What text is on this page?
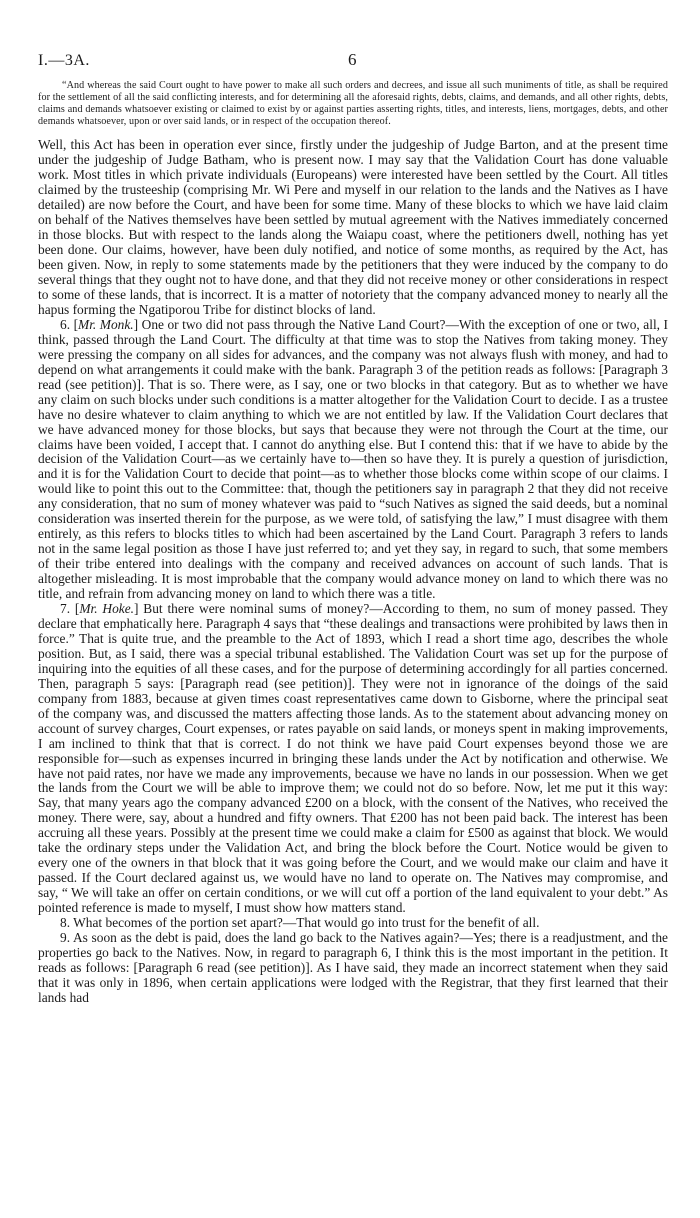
I.—3A.	6

“And whereas the said Court ought to have power to make all such orders and decrees, and issue all such muniments of title, as shall be required for the settlement of all the said conflicting interests, and for determining all the aforesaid rights, debts, claims, and demands, and all other rights, debts, claims and demands whatsoever existing or claimed to exist by or against parties asserting rights, titles, and interests, liens, mortgages, debts, and other demands whatsoever, upon or over said lands, or in respect of the occupation thereof.

Well, this Act has been in operation ever since, firstly under the judgeship of Judge Barton, and at the present time under the judgeship of Judge Batham, who is present now. I may say that the Validation Court has done valuable work. Most titles in which private individuals (Europeans) were interested have been settled by the Court. All titles claimed by the trusteeship (comprising Mr. Wi Pere and myself in our relation to the lands and the Natives as I have detailed) are now before the Court, and have been for some time. Many of these blocks to which we have laid claim on behalf of the Natives themselves have been settled by mutual agreement with the Natives immediately concerned in those blocks. But with respect to the lands along the Waiapu coast, where the petitioners dwell, nothing has yet been done. Our claims, however, have been duly notified, and notice of some months, as required by the Act, has been given. Now, in reply to some statements made by the petitioners that they were induced by the company to do several things that they ought not to have done, and that they did not receive money or other considerations in respect to some of these lands, that is incorrect. It is a matter of notoriety that the company advanced money to nearly all the hapus forming the Ngatiporou Tribe for distinct blocks of land.

6. [Mr. Monk.] One or two did not pass through the Native Land Court?—With the exception of one or two, all, I think, passed through the Land Court. The difficulty at that time was to stop the Natives from taking money. They were pressing the company on all sides for advances, and the company was not always flush with money, and had to depend on what arrangements it could make with the bank. Paragraph 3 of the petition reads as follows: [Paragraph 3 read (see petition)]. That is so. There were, as I say, one or two blocks in that category. But as to whether we have any claim on such blocks under such conditions is a matter altogether for the Validation Court to decide. I as a trustee have no desire whatever to claim anything to which we are not entitled by law. If the Validation Court declares that we have advanced money for those blocks, but says that because they were not through the Court at the time, our claims have been voided, I accept that. I cannot do anything else. But I contend this: that if we have to abide by the decision of the Validation Court—as we certainly have to—then so have they. It is purely a question of jurisdiction, and it is for the Validation Court to decide that point—as to whether those blocks come within scope of our claims. I would like to point this out to the Committee: that, though the petitioners say in paragraph 2 that they did not receive any consideration, that no sum of money whatever was paid to “such Natives as signed the said deeds, but a nominal consideration was inserted therein for the purpose, as we were told, of satisfying the law,” I must disagree with them entirely, as this refers to blocks titles to which had been ascertained by the Land Court. Paragraph 3 refers to lands not in the same legal position as those I have just referred to; and yet they say, in regard to such, that some members of their tribe entered into dealings with the company and received advances on account of such lands. That is altogether misleading. It is most improbable that the company would advance money on land to which there was no title, and refrain from advancing money on land to which there was a title.

7. [Mr. Hoke.] But there were nominal sums of money?—According to them, no sum of money passed. They declare that emphatically here. Paragraph 4 says that “these dealings and transactions were prohibited by laws then in force.” That is quite true, and the preamble to the Act of 1893, which I read a short time ago, describes the whole position. But, as I said, there was a special tribunal established. The Validation Court was set up for the purpose of inquiring into the equities of all these cases, and for the purpose of determining accordingly for all parties concerned. Then, paragraph 5 says: [Paragraph read (see petition)]. They were not in ignorance of the doings of the said company from 1883, because at given times coast representatives came down to Gisborne, where the principal seat of the company was, and discussed the matters affecting those lands. As to the statement about advancing money on account of survey charges, Court expenses, or rates payable on said lands, or moneys spent in making improvements, I am inclined to think that that is correct. I do not think we have paid Court expenses beyond those we are responsible for—such as expenses incurred in bringing these lands under the Act by notification and otherwise. We have not paid rates, nor have we made any improvements, because we have no lands in our possession. When we get the lands from the Court we will be able to improve them; we could not do so before. Now, let me put it this way: Say, that many years ago the company advanced £200 on a block, with the consent of the Natives, who received the money. There were, say, about a hundred and fifty owners. That £200 has not been paid back. The interest has been accruing all these years. Possibly at the present time we could make a claim for £500 as against that block. We would take the ordinary steps under the Validation Act, and bring the block before the Court. Notice would be given to every one of the owners in that block that it was going before the Court, and we would make our claim and have it passed. If the Court declared against us, we would have no land to operate on. The Natives may compromise, and say, “ We will take an offer on certain conditions, or we will cut off a portion of the land equivalent to your debt.” As pointed reference is made to myself, I must show how matters stand.

8. What becomes of the portion set apart?—That would go into trust for the benefit of all.

9. As soon as the debt is paid, does the land go back to the Natives again?—Yes; there is a readjustment, and the properties go back to the Natives. Now, in regard to paragraph 6, I think this is the most important in the petition. It reads as follows: [Paragraph 6 read (see petition)]. As I have said, they made an incorrect statement when they said that it was only in 1896, when certain applications were lodged with the Registrar, that they first learned that their lands had
